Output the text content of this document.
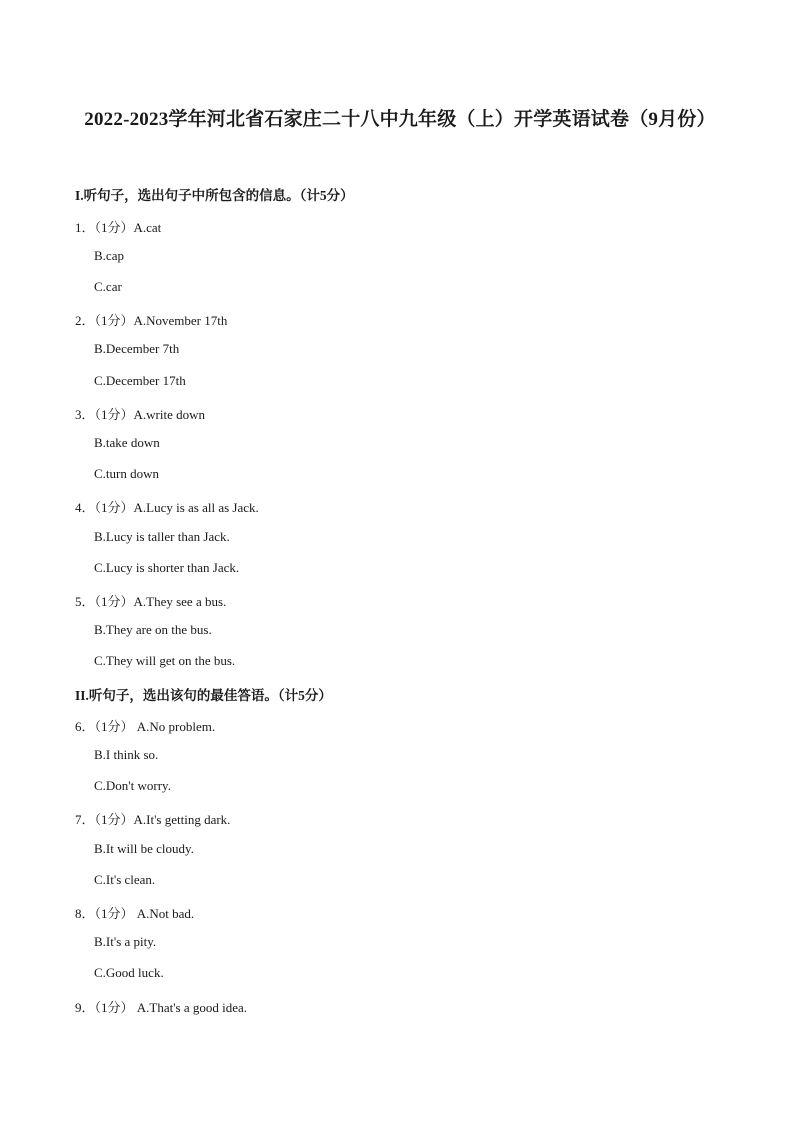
2022-2023学年河北省石家庄二十八中九年级（上）开学英语试卷（9月份）
I.听句子，选出句子中所包含的信息。（计5分）
1．（1分）A.cat
B.cap
C.car
2．（1分）A.November 17th
B.December 7th
C.December 17th
3．（1分）A.write down
B.take down
C.turn down
4．（1分）A.Lucy is as all as Jack.
B.Lucy is taller than Jack.
C.Lucy is shorter than Jack.
5．（1分）A.They see a bus.
B.They are on the bus.
C.They will get on the bus.
II.听句子，选出该句的最佳答语。（计5分）
6．（1分） A.No problem.
B.I think so.
C.Don't worry.
7．（1分）A.It's getting dark.
B.It will be cloudy.
C.It's clean.
8．（1分） A.Not bad.
B.It's a pity.
C.Good luck.
9．（1分） A.That's a good idea.
